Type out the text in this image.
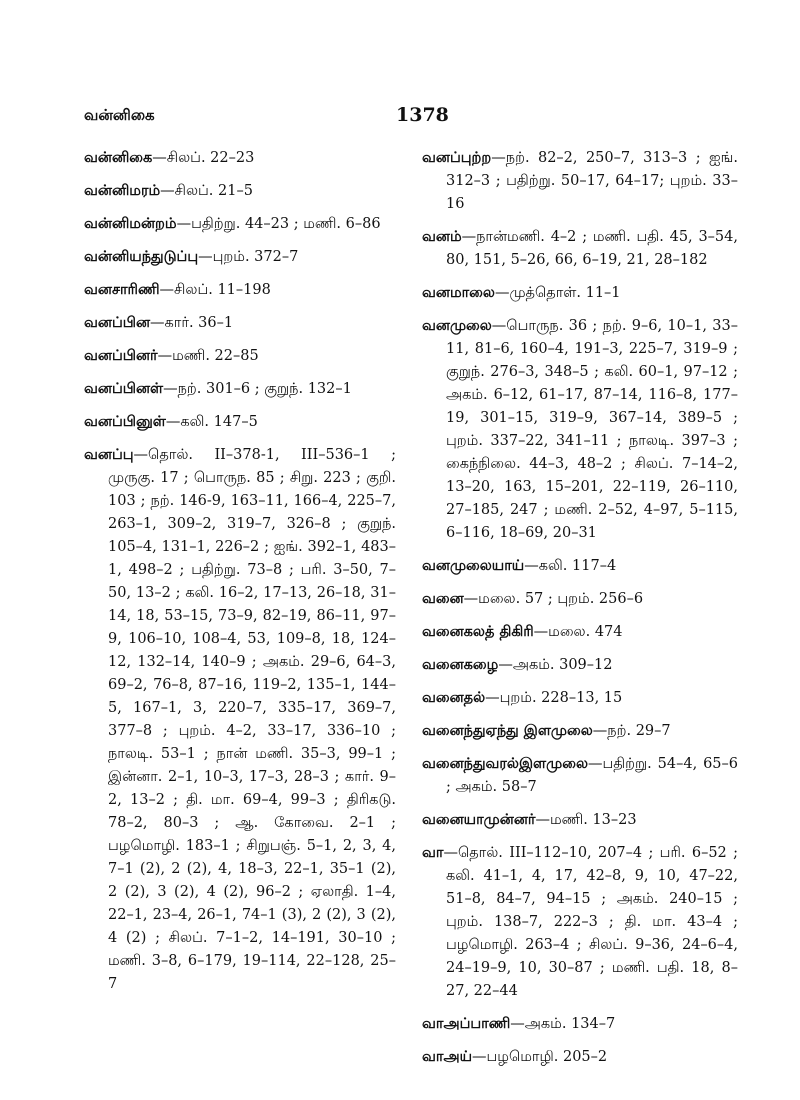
வன்னிகை	1378

வன்னிகை—சிலப். 22–23

வன்னிமரம்—சிலப். 21–5

வன்னிமன்றம்—பதிற்று. 44–23 ; மணி. 6–86

வன்னியந்துடுப்பு—புறம். 372–7

வனசாரிணி—சிலப். 11–198

வனப்பின—கார். 36–1

வனப்பினர்—மணி. 22–85

வனப்பினள்—நற். 301–6 ; குறுந். 132–1

வனப்பினுள்—கலி. 147–5

வனப்பு—தொல். II–378-1, III–536–1 ; முருகு. 17 ; பொருந. 85 ; சிறு. 223 ; குறி. 103 ; நற். 146-9, 163–11, 166–4, 225–7, 263–1, 309–2, 319–7, 326–8 ; குறுந். 105–4, 131–1, 226–2 ; ஐங். 392–1, 483–1, 498–2 ; பதிற்று. 73–8 ; பரி. 3–50, 7–50, 13–2 ; கலி. 16–2, 17–13, 26–18, 31–14, 18, 53–15, 73–9, 82–19, 86–11, 97–9, 106–10, 108–4, 53, 109–8, 18, 124–12, 132–14, 140–9 ; அகம். 29–6, 64–3, 69–2, 76–8, 87–16, 119–2, 135–1, 144–5, 167–1, 3, 220–7, 335–17, 369–7, 377–8 ; புறம். 4–2, 33–17, 336–10 ; நாலடி. 53–1 ; நான் மணி. 35–3, 99–1 ; இன்னா. 2–1, 10–3, 17–3, 28–3 ; கார். 9–2, 13–2 ; தி. மா. 69–4, 99–3 ; திரிகடு. 78–2, 80–3 ; ஆ. கோவை. 2–1 ; பழமொழி. 183–1 ; சிறுபஞ். 5–1, 2, 3, 4, 7–1 (2), 2 (2), 4, 18–3, 22–1, 35–1 (2), 2 (2), 3 (2), 4 (2), 96–2 ; ஏலாதி. 1–4, 22–1, 23–4, 26–1, 74–1 (3), 2 (2), 3 (2), 4 (2) ; சிலப். 7–1–2, 14–191, 30–10 ; மணி. 3–8, 6–179, 19–114, 22–128, 25–7

வனப்புற்ற—நற். 82–2, 250–7, 313–3 ; ஐங். 312–3 ; பதிற்று. 50–17, 64–17; புறம். 33–16

வனம்—நான்மணி. 4–2 ; மணி. பதி. 45, 3–54, 80, 151, 5–26, 66, 6–19, 21, 28–182

வனமாலை—முத்தொள். 11–1

வனமுலை—பொருந. 36 ; நற். 9–6, 10–1, 33–11, 81–6, 160–4, 191–3, 225–7, 319–9 ; குறுந். 276–3, 348–5 ; கலி. 60–1, 97–12 ; அகம். 6–12, 61–17, 87–14, 116–8, 177–19, 301–15, 319–9, 367–14, 389–5 ; புறம். 337–22, 341–11 ; நாலடி. 397–3 ; கைந்நிலை. 44–3, 48–2 ; சிலப். 7–14–2, 13–20, 163, 15–201, 22–119, 26–110, 27–185, 247 ; மணி. 2–52, 4–97, 5–115, 6–116, 18–69, 20–31

வனமுலையாய்—கலி. 117–4

வனை—மலை. 57 ; புறம். 256–6

வனைகலத் திகிரி—மலை. 474

வனைகழை—அகம். 309–12

வனைதல்—புறம். 228–13, 15

வனைந்துஏந்து இளமுலை—நற். 29–7

வனைந்துவரல்இளமுலை—பதிற்று. 54–4, 65–6 ; அகம். 58–7

வனையாமுன்னர்—மணி. 13–23

வா—தொல். III–112–10, 207–4 ; பரி. 6–52 ; கலி. 41–1, 4, 17, 42–8, 9, 10, 47–22, 51–8, 84–7, 94–15 ; அகம். 240–15 ; புறம். 138–7, 222–3 ; தி. மா. 43–4 ; பழமொழி. 263–4 ; சிலப். 9–36, 24–6–4, 24–19–9, 10, 30–87 ; மணி. பதி. 18, 8–27, 22–44

வாஅப்பாணி—அகம். 134–7

வாஅய்—பழமொழி. 205–2
